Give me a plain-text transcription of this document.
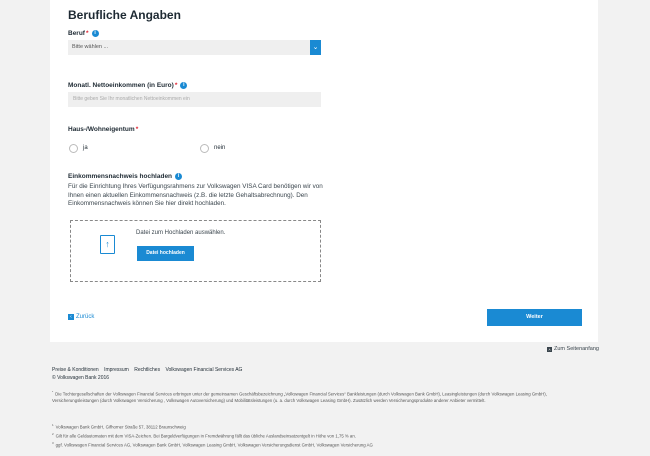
Berufliche Angaben
Beruf *	i
Bitte wählen ...	⌄
Monatl. Nettoeinkommen (in Euro) *	i
Bitte geben Sie Ihr monatlichen Nettoeinkommen ein
Haus-/Wohneigentum *
ja	nein
Einkommensnachweis hochladen	i
Für die Einrichtung Ihres Verfügungsrahmens zur Volkswagen VISA Card benötigen wir von Ihnen einen aktuellen Einkommensnachweis (z.B. die letzte Gehaltsabrechnung). Den Einkommensnachweis können Sie hier direkt hochladen.
↑
Datei zum Hochladen auswählen.
Datei hochladen
‹ Zurück	Weiter
˄ Zum Seitenanfang
Preise & Konditionen Impressum Rechtliches Volkswagen Financial Services AG
© Volkswagen Bank 2016
* Die Tochtergesellschaften der Volkswagen Financial Services erbringen unter der gemeinsamen Geschäftsbezeichnung „Volkswagen Financial Services“ Bankleistungen (durch Volkswagen Bank GmbH), Leasingleistungen (durch Volkswagen Leasing GmbH), Versicherungsleistungen (durch Volkswagen Versicherung , Volkswagen Autoversicherung) und Mobilitätsleistungen (u. a. durch Volkswagen Leasing GmbH). Zusätzlich werden Versicherungsprodukte anderer Anbieter vermittelt.
$^1$ Volkswagen Bank GmbH, Gifhorner Straße 57, 38112 Braunschweig
$^2$ Gilt für alle Geldautomaten mit dem VISA-Zeichen. Bei Bargeldverfügungen in Fremdwährung fällt das übliche Auslandseinsatzentgelt in Höhe von 1,75 % an.
$^3$ ggf. Volkswagen Financial Services AG, Volkswagen Bank GmbH, Volkswagen Leasing GmbH, Volkswagen Versicherungsdienst GmbH, Volkswagen Versicherung AG
